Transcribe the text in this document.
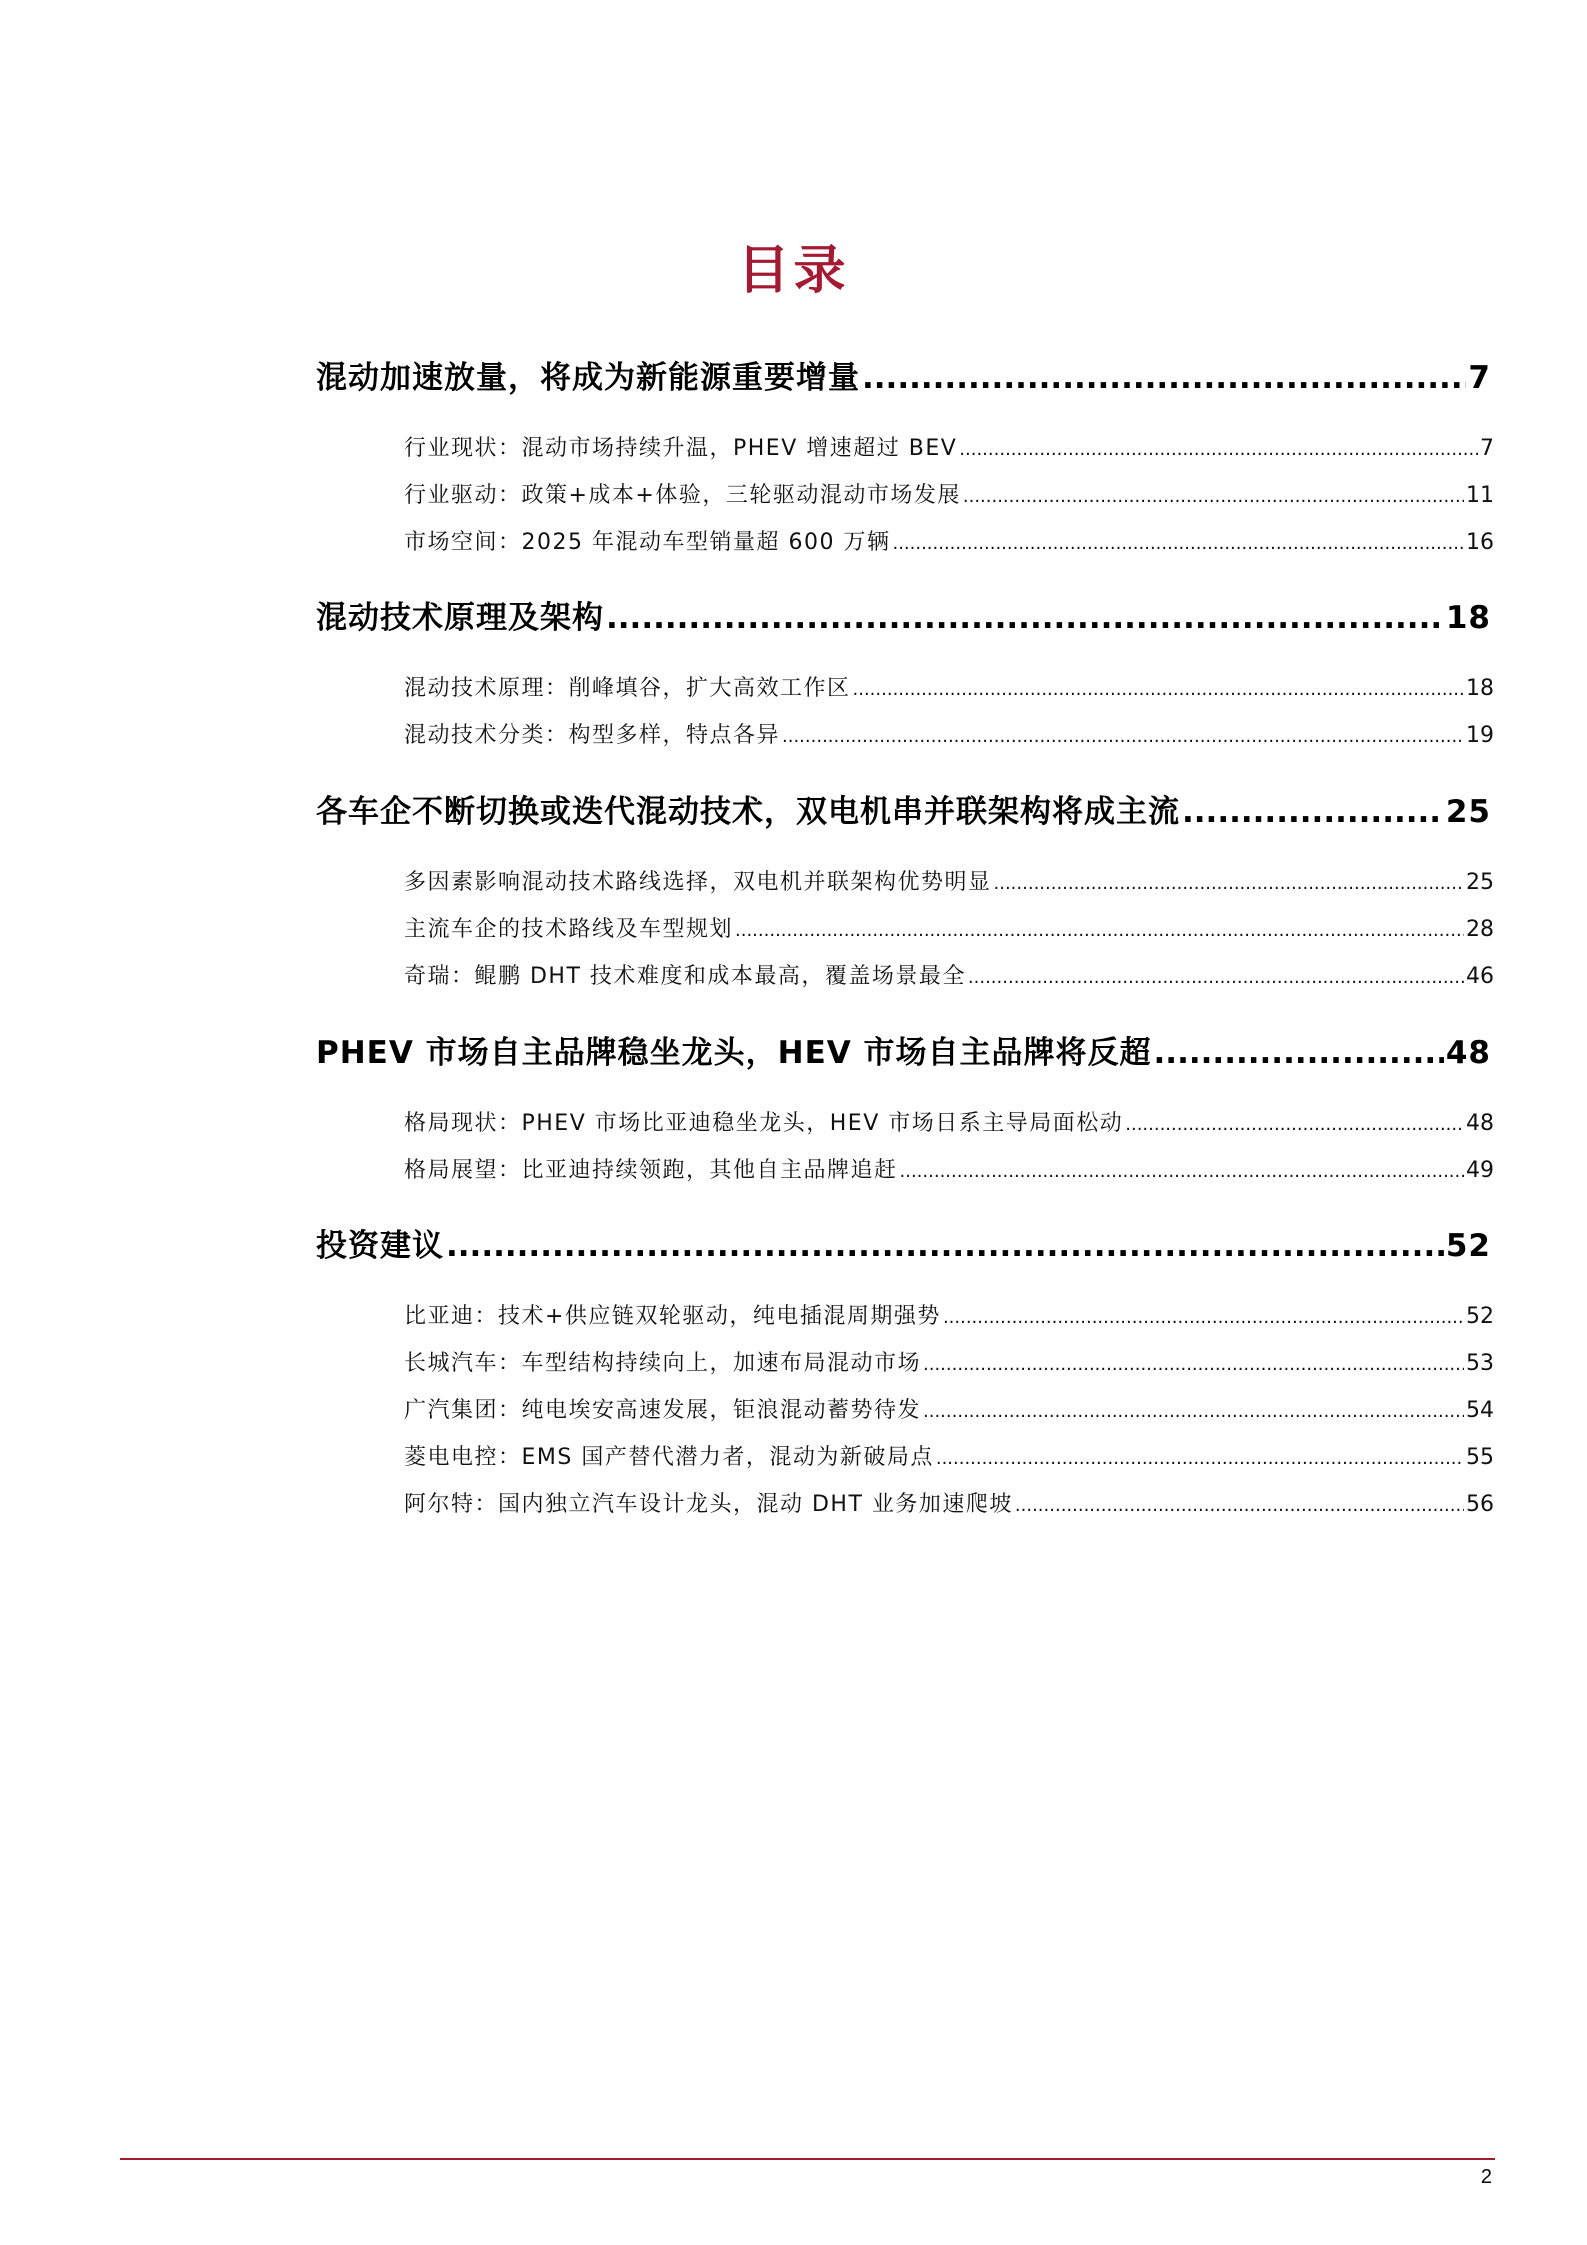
目录
混动加速放量，将成为新能源重要增量 .....	7
行业现状：混动市场持续升温，PHEV 增速超过 BEV .....	7
行业驱动：政策+成本+体验，三轮驱动混动市场发展 .....	11
市场空间：2025 年混动车型销量超 600 万辆 .....	16
混动技术原理及架构 .....	18
混动技术原理：削峰填谷，扩大高效工作区 .....	18
混动技术分类：构型多样，特点各异 .....	19
各车企不断切换或迭代混动技术，双电机串并联架构将成主流 .....	25
多因素影响混动技术路线选择，双电机并联架构优势明显 .....	25
主流车企的技术路线及车型规划 .....	28
奇瑞：鲲鹏 DHT 技术难度和成本最高，覆盖场景最全 .....	46
PHEV 市场自主品牌稳坐龙头，HEV 市场自主品牌将反超 .....	48
格局现状：PHEV 市场比亚迪稳坐龙头，HEV 市场日系主导局面松动 .....	48
格局展望：比亚迪持续领跑，其他自主品牌追赶 .....	49
投资建议 .....	52
比亚迪：技术+供应链双轮驱动，纯电插混周期强势 .....	52
长城汽车：车型结构持续向上，加速布局混动市场 .....	53
广汽集团：纯电埃安高速发展，钜浪混动蓄势待发 .....	54
菱电电控：EMS 国产替代潜力者，混动为新破局点 .....	55
阿尔特：国内独立汽车设计龙头，混动 DHT 业务加速爬坡 .....	56
2
